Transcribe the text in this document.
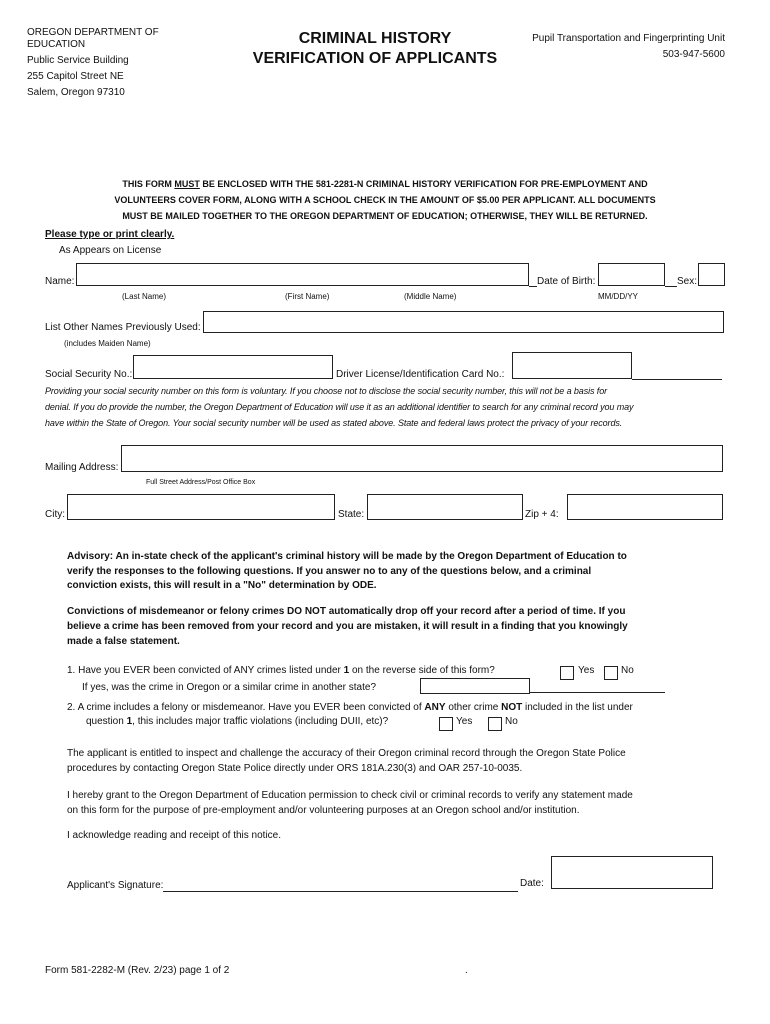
OREGON DEPARTMENT OF
EDUCATION
Public Service Building
255 Capitol Street NE
Salem, Oregon 97310
CRIMINAL HISTORY
VERIFICATION OF APPLICANTS
Pupil Transportation and Fingerprinting Unit
503-947-5600
THIS FORM MUST BE ENCLOSED WITH THE 581-2281-N CRIMINAL HISTORY VERIFICATION FOR PRE-EMPLOYMENT AND
VOLUNTEERS COVER FORM, ALONG WITH A SCHOOL CHECK IN THE AMOUNT OF $5.00 PER APPLICANT. ALL DOCUMENTS
MUST BE MAILED TOGETHER TO THE OREGON DEPARTMENT OF EDUCATION; OTHERWISE, THEY WILL BE RETURNED.
Please type or print clearly.
As Appears on License
Name:	Date of Birth:	Sex:
(Last Name)	(First Name)	(Middle Name)	MM/DD/YY
List Other Names Previously Used:
(includes Maiden Name)
Social Security No.:	Driver License/Identification Card No.:
Providing your social security number on this form is voluntary. If you choose not to disclose the social security number, this will not be a basis for
denial. If you do provide the number, the Oregon Department of Education will use it as an additional identifier to search for any criminal record you may
have within the State of Oregon. Your social security number will be used as stated above. State and federal laws protect the privacy of your records.
Mailing Address:
Full Street Address/Post Office Box
City:	State:	Zip + 4:
Advisory: An in-state check of the applicant's criminal history will be made by the Oregon Department of Education to
verify the responses to the following questions. If you answer no to any of the questions below, and a criminal
conviction exists, this will result in a "No" determination by ODE.
Convictions of misdemeanor or felony crimes DO NOT automatically drop off your record after a period of time. If you
believe a crime has been removed from your record and you are mistaken, it will result in a finding that you knowingly
made a false statement.
1. Have you EVER been convicted of ANY crimes listed under 1 on the reverse side of this form?	Yes	No
If yes, was the crime in Oregon or a similar crime in another state?
2. A crime includes a felony or misdemeanor. Have you EVER been convicted of ANY other crime NOT included in the list under
question 1, this includes major traffic violations (including DUII, etc)?	Yes	No
The applicant is entitled to inspect and challenge the accuracy of their Oregon criminal record through the Oregon State Police
procedures by contacting Oregon State Police directly under ORS 181A.230(3) and OAR 257-10-0035.
I hereby grant to the Oregon Department of Education permission to check civil or criminal records to verify any statement made
on this form for the purpose of pre-employment and/or volunteering purposes at an Oregon school and/or institution.
I acknowledge reading and receipt of this notice.
Applicant's Signature:	Date:
Form 581-2282-M (Rev. 2/23) page 1 of 2	.
